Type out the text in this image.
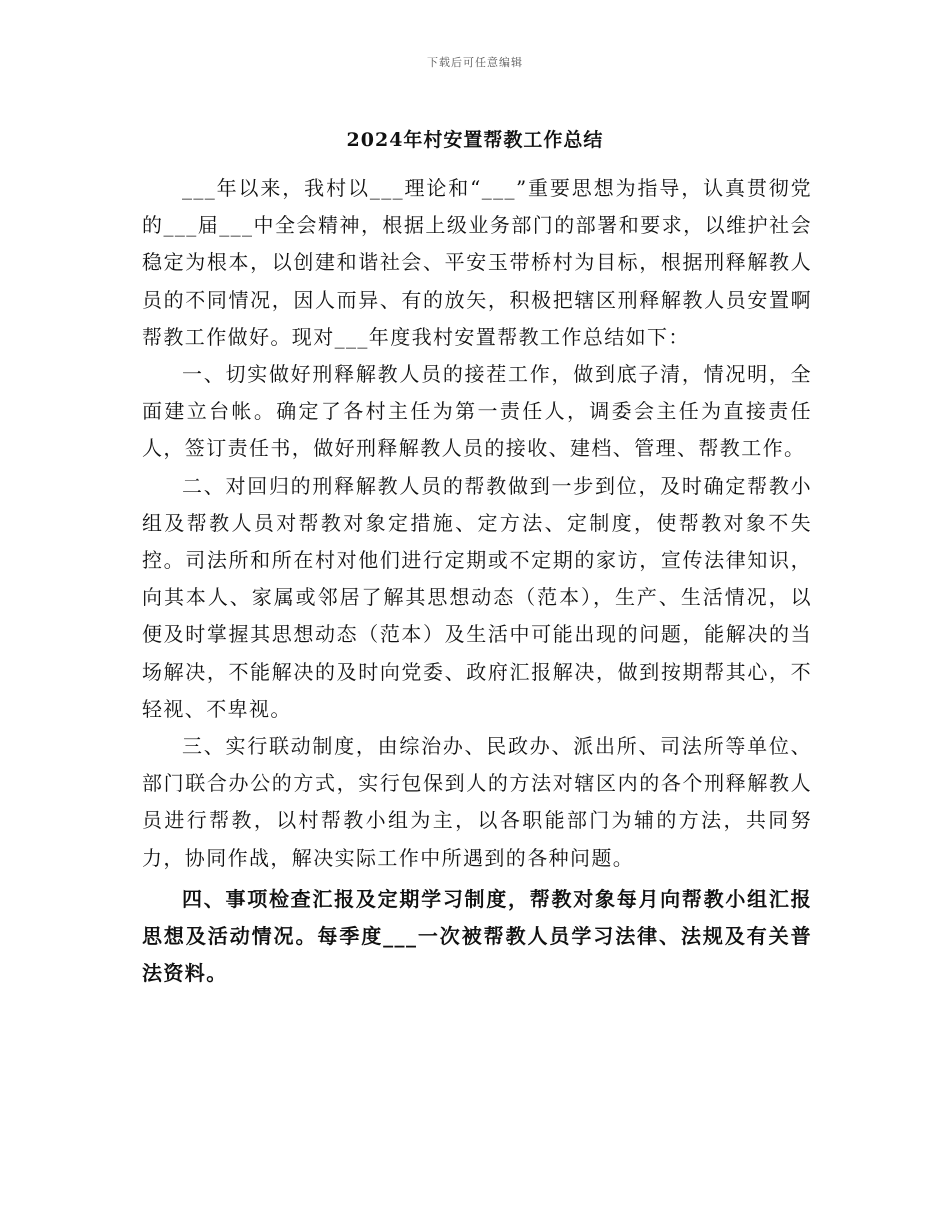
下载后可任意编辑
2024年村安置帮教工作总结

___年以来，我村以___理论和“___”重要思想为指导，认真贯彻党的___届___中全会精神，根据上级业务部门的部署和要求，以维护社会稳定为根本，以创建和谐社会、平安玉带桥村为目标，根据刑释解教人员的不同情况，因人而异、有的放矢，积极把辖区刑释解教人员安置啊帮教工作做好。现对___年度我村安置帮教工作总结如下：

一、切实做好刑释解教人员的接茬工作，做到底子清，情况明，全面建立台帐。确定了各村主任为第一责任人，调委会主任为直接责任人，签订责任书，做好刑释解教人员的接收、建档、管理、帮教工作。

二、对回归的刑释解教人员的帮教做到一步到位，及时确定帮教小组及帮教人员对帮教对象定措施、定方法、定制度，使帮教对象不失控。司法所和所在村对他们进行定期或不定期的家访，宣传法律知识，向其本人、家属或邻居了解其思想动态（范本），生产、生活情况，以便及时掌握其思想动态（范本）及生活中可能出现的问题，能解决的当场解决，不能解决的及时向党委、政府汇报解决，做到按期帮其心，不轻视、不卑视。

三、实行联动制度，由综治办、民政办、派出所、司法所等单位、部门联合办公的方式，实行包保到人的方法对辖区内的各个刑释解教人员进行帮教，以村帮教小组为主，以各职能部门为辅的方法，共同努力，协同作战，解决实际工作中所遇到的各种问题。

四、事项检查汇报及定期学习制度，帮教对象每月向帮教小组汇报思想及活动情况。每季度___一次被帮教人员学习法律、法规及有关普法资料。
